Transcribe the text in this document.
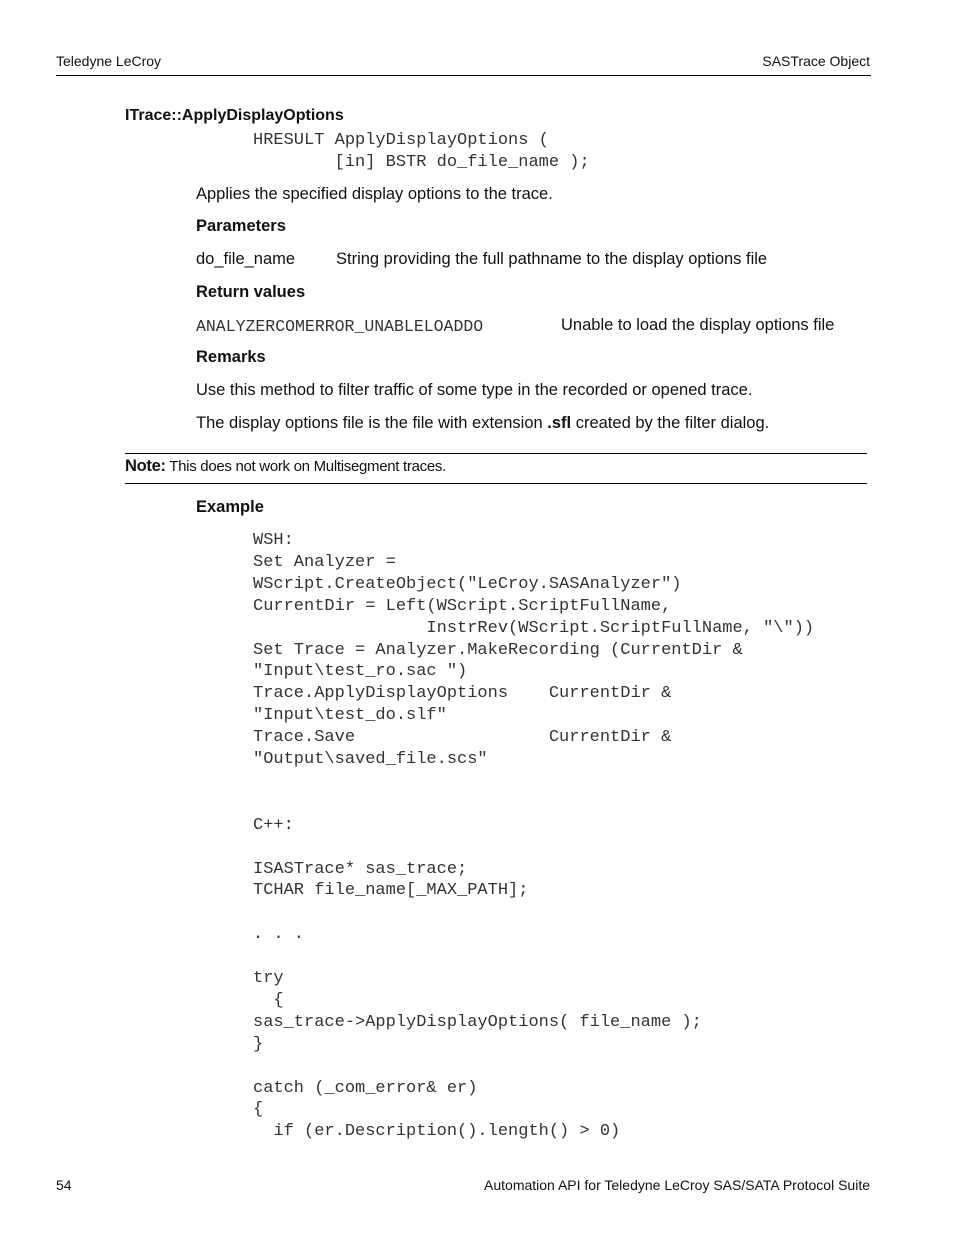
Teledyne LeCroy	SASTrace Object
ITrace::ApplyDisplayOptions
HRESULT ApplyDisplayOptions (
[in] BSTR do_file_name );
Applies the specified display options to the trace.
Parameters
do_file_name String providing the full pathname to the display options file
Return values
ANALYZERCOMERROR_UNABLELOADDO	Unable to load the display options file
Remarks
Use this method to filter traffic of some type in the recorded or opened trace.
The display options file is the file with extension .sfl created by the filter dialog.
Note: This does not work on Multisegment traces.
Example
WSH:
Set Analyzer =
WScript.CreateObject("LeCroy.SASAnalyzer")
CurrentDir = Left(WScript.ScriptFullName,
InstrRev(WScript.ScriptFullName, "\"))
Set Trace = Analyzer.MakeRecording (CurrentDir &
"Input\test_ro.sac ")
Trace.ApplyDisplayOptions    CurrentDir &
"Input\test_do.slf"
Trace.Save                   CurrentDir &
"Output\saved_file.scs"
C++:
ISASTrace* sas_trace;
TCHAR file_name[_MAX_PATH];
. . .
try
{
sas_trace->ApplyDisplayOptions( file_name );
}
catch (_com_error& er)
{
if (er.Description().length() > 0)
54	Automation API for Teledyne LeCroy SAS/SATA Protocol Suite
